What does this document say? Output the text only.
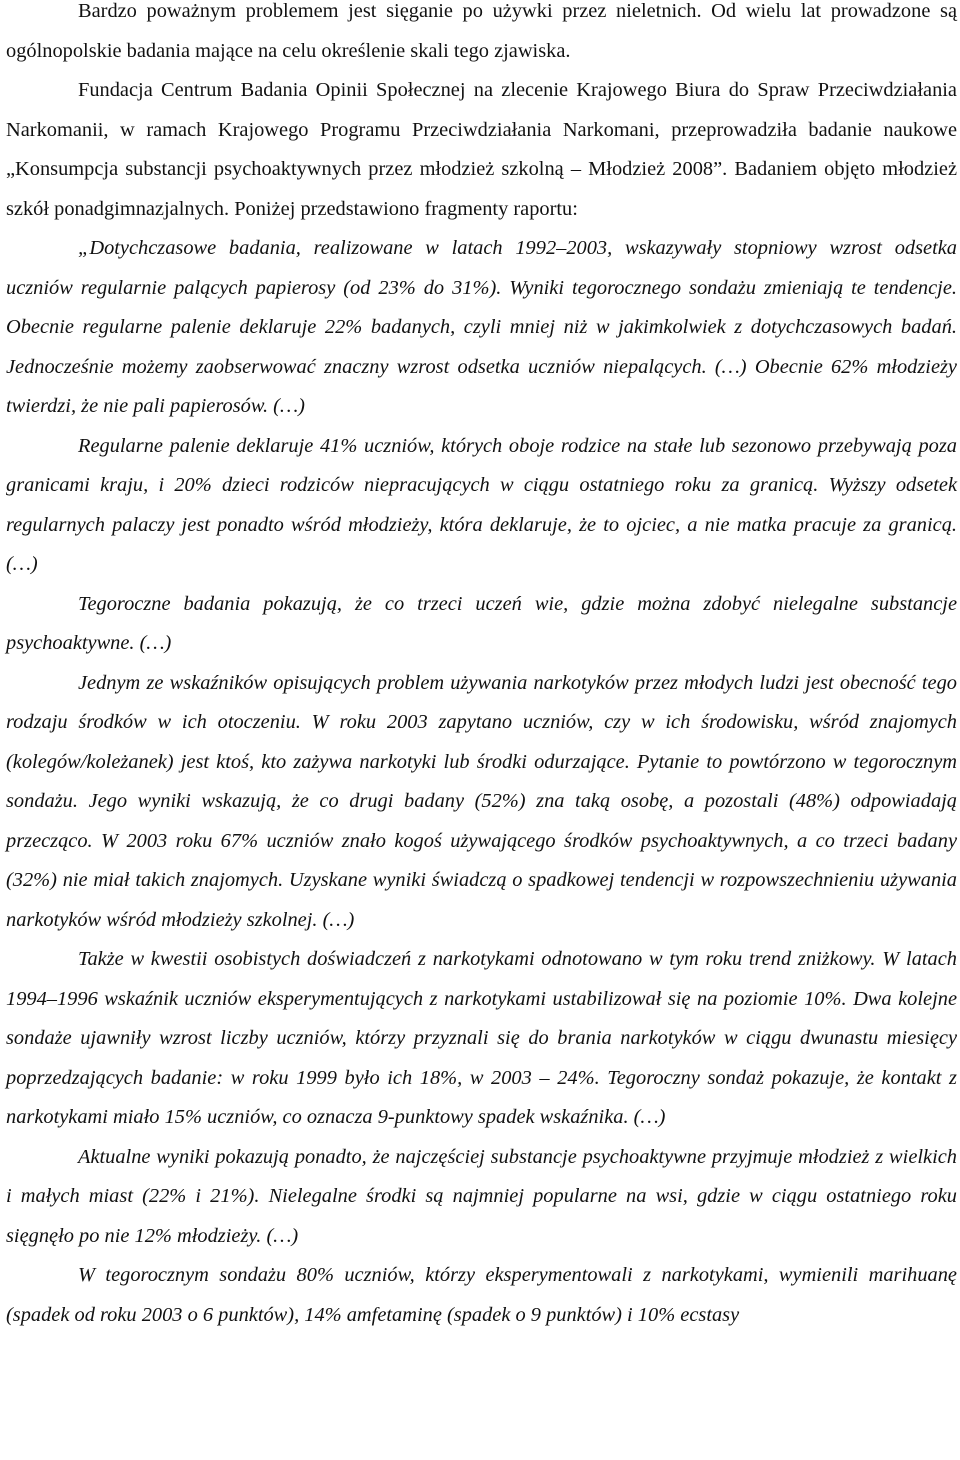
Bardzo poważnym problemem jest sięganie po używki przez nieletnich. Od wielu lat prowadzone są ogólnopolskie badania mające na celu określenie skali tego zjawiska.

Fundacja Centrum Badania Opinii Społecznej na zlecenie Krajowego Biura do Spraw Przeciwdziałania Narkomanii, w ramach Krajowego Programu Przeciwdziałania Narkomani, przeprowadziła badanie naukowe „Konsumpcja substancji psychoaktywnych przez młodzież szkolną – Młodzież 2008”. Badaniem objęto młodzież szkół ponadgimnazjalnych. Poniżej przedstawiono fragmenty raportu:

„Dotychczasowe badania, realizowane w latach 1992–2003, wskazywały stopniowy wzrost odsetka uczniów regularnie palących papierosy (od 23% do 31%). Wyniki tegorocznego sondażu zmieniają te tendencje. Obecnie regularne palenie deklaruje 22% badanych, czyli mniej niż w jakimkolwiek z dotychczasowych badań. Jednocześnie możemy zaobserwować znaczny wzrost odsetka uczniów niepalących. (…) Obecnie 62% młodzieży twierdzi, że nie pali papierosów. (…)

Regularne palenie deklaruje 41% uczniów, których oboje rodzice na stałe lub sezonowo przebywają poza granicami kraju, i 20% dzieci rodziców niepracujących w ciągu ostatniego roku za granicą. Wyższy odsetek regularnych palaczy jest ponadto wśród młodzieży, która deklaruje, że to ojciec, a nie matka pracuje za granicą. (…)

Tegoroczne badania pokazują, że co trzeci uczeń wie, gdzie można zdobyć nielegalne substancje psychoaktywne. (…)

Jednym ze wskaźników opisujących problem używania narkotyków przez młodych ludzi jest obecność tego rodzaju środków w ich otoczeniu. W roku 2003 zapytano uczniów, czy w ich środowisku, wśród znajomych (kolegów/koleżanek) jest ktoś, kto zażywa narkotyki lub środki odurzające. Pytanie to powtórzono w tegorocznym sondażu. Jego wyniki wskazują, że co drugi badany (52%) zna taką osobę, a pozostali (48%) odpowiadają przecząco. W 2003 roku 67% uczniów znało kogoś używającego środków psychoaktywnych, a co trzeci badany (32%) nie miał takich znajomych. Uzyskane wyniki świadczą o spadkowej tendencji w rozpowszechnieniu używania narkotyków wśród młodzieży szkolnej. (…)

Także w kwestii osobistych doświadczeń z narkotykami odnotowano w tym roku trend zniżkowy. W latach 1994–1996 wskaźnik uczniów eksperymentujących z narkotykami ustabilizował się na poziomie 10%. Dwa kolejne sondaże ujawniły wzrost liczby uczniów, którzy przyznali się do brania narkotyków w ciągu dwunastu miesięcy poprzedzających badanie: w roku 1999 było ich 18%, w 2003 – 24%. Tegoroczny sondaż pokazuje, że kontakt z narkotykami miało 15% uczniów, co oznacza 9-punktowy spadek wskaźnika. (…)

Aktualne wyniki pokazują ponadto, że najczęściej substancje psychoaktywne przyjmuje młodzież z wielkich i małych miast (22% i 21%). Nielegalne środki są najmniej popularne na wsi, gdzie w ciągu ostatniego roku sięgnęło po nie 12% młodzieży. (…)

W tegorocznym sondażu 80% uczniów, którzy eksperymentowali z narkotykami, wymienili marihuanę (spadek od roku 2003 o 6 punktów), 14% amfetaminę (spadek o 9 punktów) i 10% ecstasy
